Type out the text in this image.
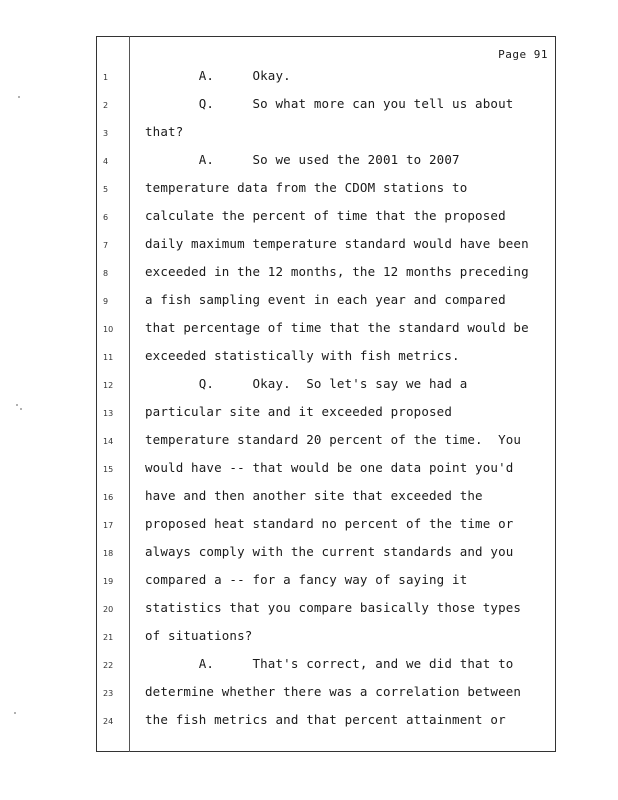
Page 91
1	A.     Okay.
2	Q.     So what more can you tell us about
3	that?
4	A.     So we used the 2001 to 2007
5	temperature data from the CDOM stations to
6	calculate the percent of time that the proposed
7	daily maximum temperature standard would have been
8	exceeded in the 12 months, the 12 months preceding
9	a fish sampling event in each year and compared
10	that percentage of time that the standard would be
11	exceeded statistically with fish metrics.
12	Q.     Okay.  So let's say we had a
13	particular site and it exceeded proposed
14	temperature standard 20 percent of the time.  You
15	would have -- that would be one data point you'd
16	have and then another site that exceeded the
17	proposed heat standard no percent of the time or
18	always comply with the current standards and you
19	compared a -- for a fancy way of saying it
20	statistics that you compare basically those types
21	of situations?
22	A.     That's correct, and we did that to
23	determine whether there was a correlation between
24	the fish metrics and that percent attainment or
